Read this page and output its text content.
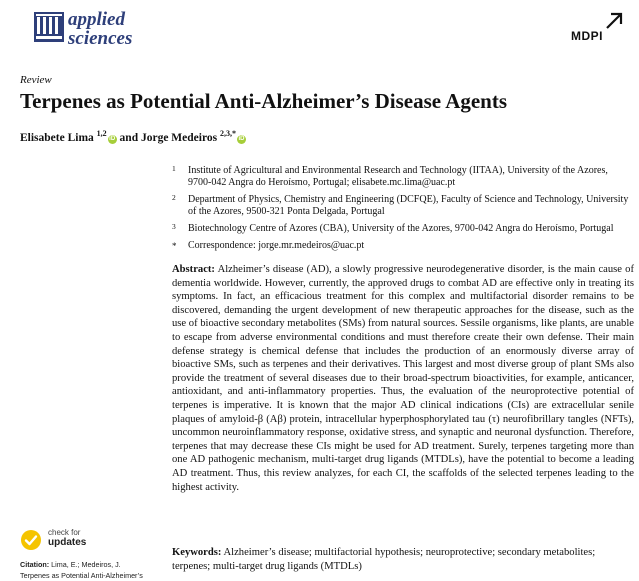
applied
sciences	MDPI
Review
Terpenes as Potential Anti-Alzheimer’s Disease Agents
Elisabete Lima $^{1,2}$iD and Jorge Medeiros $^{2,3,*}$iD
1 Institute of Agricultural and Environmental Research and Technology (IITAA), University of the Azores, 9700-042 Angra do Heroísmo, Portugal; elisabete.mc.lima@uac.pt
2 Department of Physics, Chemistry and Engineering (DCFQE), Faculty of Science and Technology, University of the Azores, 9500-321 Ponta Delgada, Portugal
3 Biotechnology Centre of Azores (CBA), University of the Azores, 9700-042 Angra do Heroísmo, Portugal
* Correspondence: jorge.mr.medeiros@uac.pt
Abstract: Alzheimer’s disease (AD), a slowly progressive neurodegenerative disorder, is the main cause of dementia worldwide. However, currently, the approved drugs to combat AD are effective only in treating its symptoms. In fact, an efficacious treatment for this complex and multifactorial disorder remains to be discovered, demanding the urgent development of new therapeutic approaches for the disease, such as the use of bioactive secondary metabolites (SMs) from natural sources. Sessile organisms, like plants, are unable to escape from adverse environmental conditions and must therefore create their own defense. Their main defense strategy is chemical defense that includes the production of an enormously diverse array of bioactive SMs, such as terpenes and their derivatives. This largest and most diverse group of plant SMs also provide the treatment of several diseases due to their broad-spectrum bioactivities, for example, anticancer, antioxidant, and anti-inflammatory properties. Thus, the evaluation of the neuroprotective potential of terpenes is imperative. It is known that the major AD clinical indications (CIs) are extracellular senile plaques of amyloid-β (Aβ) protein, intracellular hyperphosphorylated tau (τ) neurofibrillary tangles (NFTs), uncommon neuroinflammatory response, oxidative stress, and synaptic and neuronal dysfunction. Therefore, terpenes that may decrease these CIs might be used for AD treatment. Surely, terpenes targeting more than one AD pathogenic mechanism, multi-target drug ligands (MTDLs), have the potential to become a leading AD treatment. Thus, this review analyzes, for each CI, the scaffolds of the selected terpenes leading to the highest activity.
Keywords: Alzheimer’s disease; multifactorial hypothesis; neuroprotective; secondary metabolites; terpenes; multi-target drug ligands (MTDLs)
check for
updates
Citation: Lima, E.; Medeiros, J.
Terpenes as Potential Anti-Alzheimer’s
